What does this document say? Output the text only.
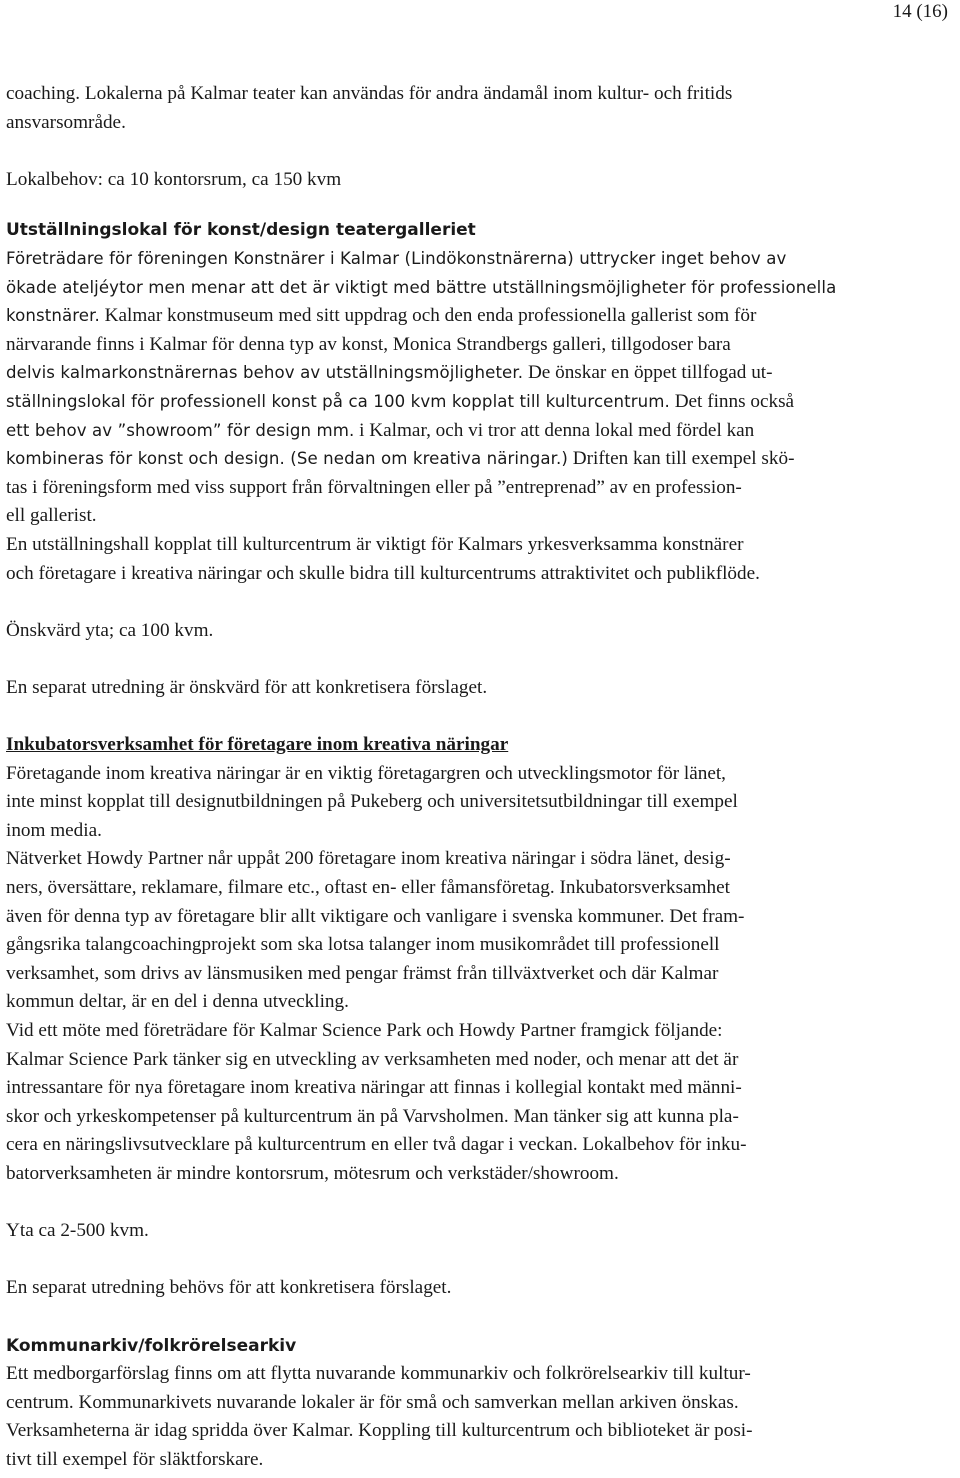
14 (16)

coaching. Lokalerna på Kalmar teater kan användas för andra ändamål inom kultur- och fritids

ansvarsområde.

Lokalbehov: ca 10 kontorsrum, ca 150 kvm

Utställningslokal för konst/design teatergalleriet

Företrädare för föreningen Konstnärer i Kalmar (Lindökonstnärerna) uttrycker inget behov av

ökade ateljéytor men menar att det är viktigt med bättre utställningsmöjligheter för professionella

konstnärer. Kalmar konstmuseum med sitt uppdrag och den enda professionella gallerist som för

närvarande finns i Kalmar för denna typ av konst, Monica Strandbergs galleri, tillgodoser bara

delvis kalmarkonstnärernas behov av utställningsmöjligheter. De önskar en öppet tillfogad ut-

ställningslokal för professionell konst på ca 100 kvm kopplat till kulturcentrum. Det finns också

ett behov av ”showroom” för design mm. i Kalmar, och vi tror att denna lokal med fördel kan

kombineras för konst och design. (Se nedan om kreativa näringar.) Driften kan till exempel skö-

tas i föreningsform med viss support från förvaltningen eller på ”entreprenad” av en profession-

ell gallerist.

En utställningshall kopplat till kulturcentrum är viktigt för Kalmars yrkesverksamma konstnärer

och företagare i kreativa näringar och skulle bidra till kulturcentrums attraktivitet och publikflöde.

Önskvärd yta; ca 100 kvm.

En separat utredning är önskvärd för att konkretisera förslaget.

Inkubatorsverksamhet för företagare inom kreativa näringar

Företagande inom kreativa näringar är en viktig företagargren och utvecklingsmotor för länet,

inte minst kopplat till designutbildningen på Pukeberg och universitetsutbildningar till exempel

inom media.

Nätverket Howdy Partner når uppåt 200 företagare inom kreativa näringar i södra länet, desig-

ners, översättare, reklamare, filmare etc., oftast en- eller fåmansföretag. Inkubatorsverksamhet

även för denna typ av företagare blir allt viktigare och vanligare i svenska kommuner. Det fram-

gångsrika talangcoachingprojekt som ska lotsa talanger inom musikområdet till professionell

verksamhet, som drivs av länsmusiken med pengar främst från tillväxtverket och där Kalmar

kommun deltar, är en del i denna utveckling.

Vid ett möte med företrädare för Kalmar Science Park och Howdy Partner framgick följande:

Kalmar Science Park tänker sig en utveckling av verksamheten med noder, och menar att det är

intressantare för nya företagare inom kreativa näringar att finnas i kollegial kontakt med männi-

skor och yrkeskompetenser på kulturcentrum än på Varvsholmen. Man tänker sig att kunna pla-

cera en näringslivsutvecklare på kulturcentrum en eller två dagar i veckan. Lokalbehov för inku-

batorverksamheten är mindre kontorsrum, mötesrum och verkstäder/showroom.

Yta ca 2-500 kvm.

En separat utredning behövs för att konkretisera förslaget.

Kommunarkiv/folkrörelsearkiv

Ett medborgarförslag finns om att flytta nuvarande kommunarkiv och folkrörelsearkiv till kultur-

centrum. Kommunarkivets nuvarande lokaler är för små och samverkan mellan arkiven önskas.

Verksamheterna är idag spridda över Kalmar. Koppling till kulturcentrum och biblioteket är posi-

tivt till exempel för släktforskare.
